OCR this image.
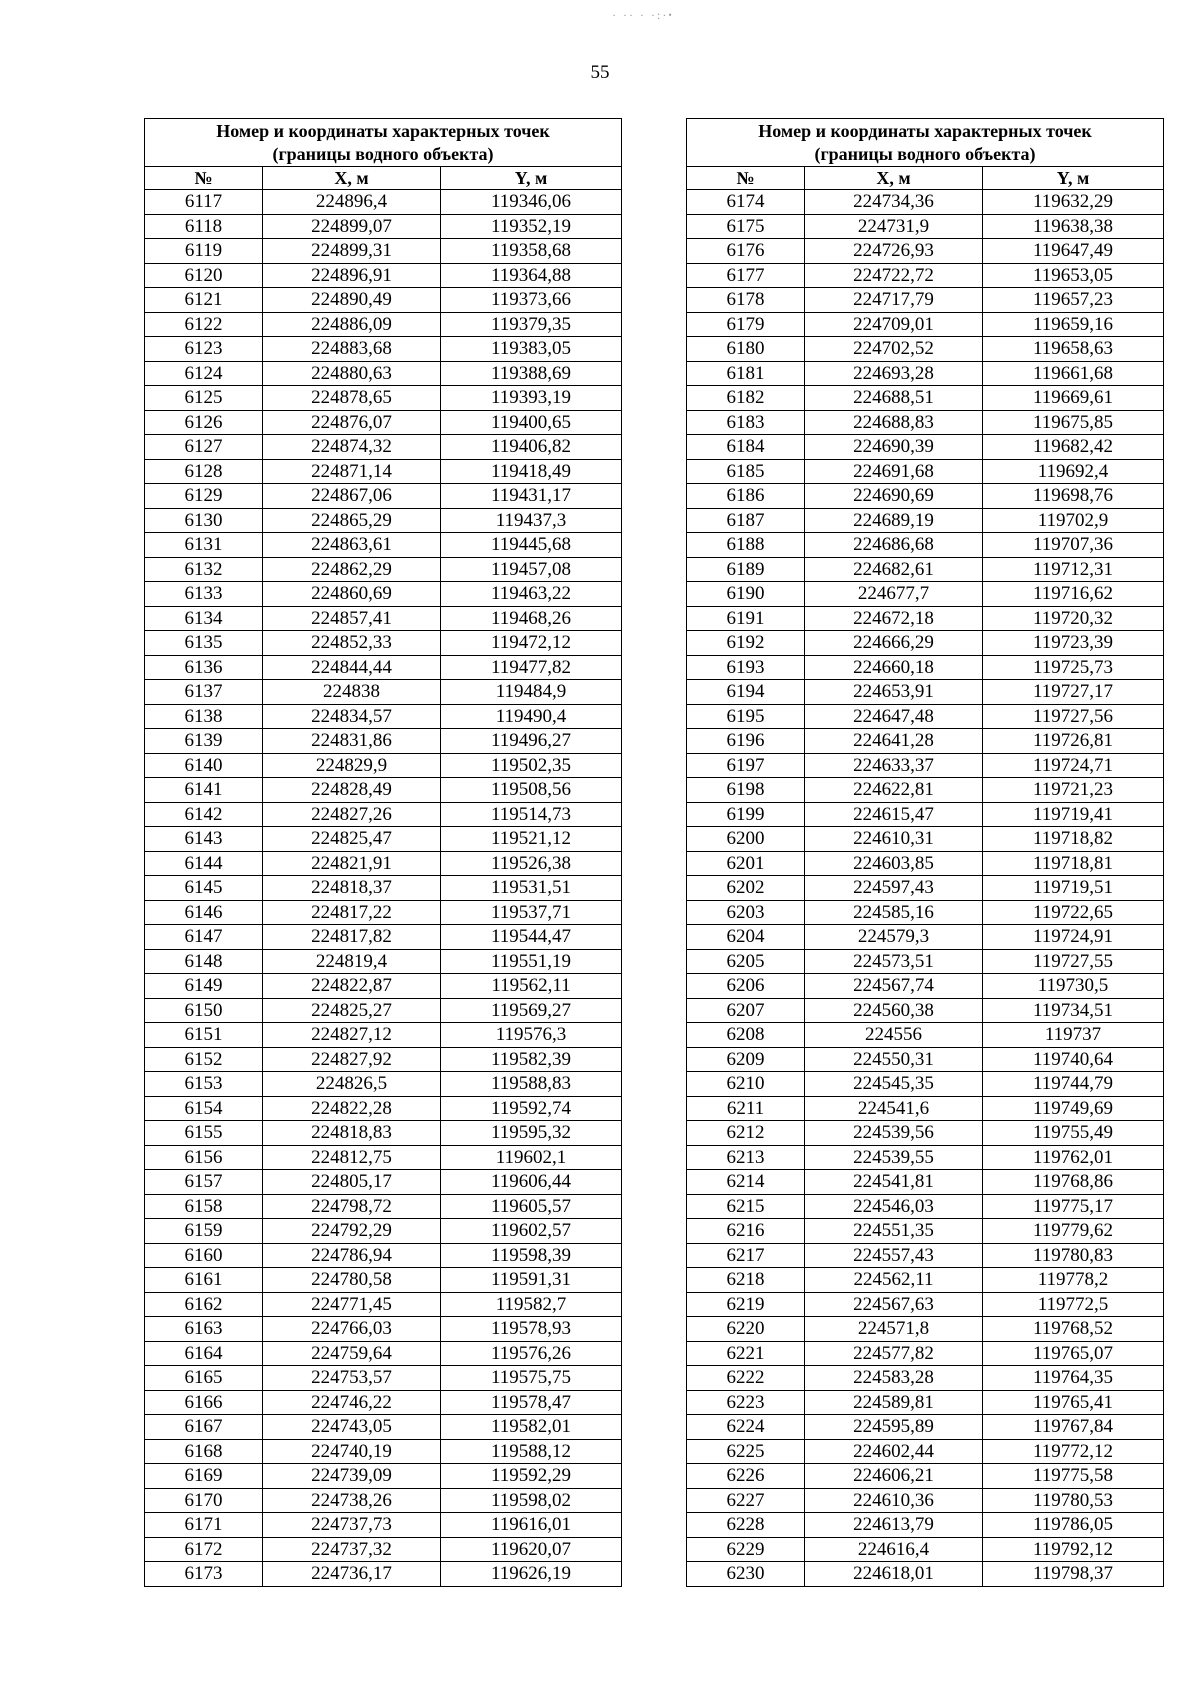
· ·· · ·:·ꞏ
55
Номер и координаты характерных точек
(границы водного объекта)		

№	X, м	Y, м
6117	224896,4	119346,06
6118	224899,07	119352,19
6119	224899,31	119358,68
6120	224896,91	119364,88
6121	224890,49	119373,66
6122	224886,09	119379,35
6123	224883,68	119383,05
6124	224880,63	119388,69
6125	224878,65	119393,19
6126	224876,07	119400,65
6127	224874,32	119406,82
6128	224871,14	119418,49
6129	224867,06	119431,17
6130	224865,29	119437,3
6131	224863,61	119445,68
6132	224862,29	119457,08
6133	224860,69	119463,22
6134	224857,41	119468,26
6135	224852,33	119472,12
6136	224844,44	119477,82
6137	224838	119484,9
6138	224834,57	119490,4
6139	224831,86	119496,27
6140	224829,9	119502,35
6141	224828,49	119508,56
6142	224827,26	119514,73
6143	224825,47	119521,12
6144	224821,91	119526,38
6145	224818,37	119531,51
6146	224817,22	119537,71
6147	224817,82	119544,47
6148	224819,4	119551,19
6149	224822,87	119562,11
6150	224825,27	119569,27
6151	224827,12	119576,3
6152	224827,92	119582,39
6153	224826,5	119588,83
6154	224822,28	119592,74
6155	224818,83	119595,32
6156	224812,75	119602,1
6157	224805,17	119606,44
6158	224798,72	119605,57
6159	224792,29	119602,57
6160	224786,94	119598,39
6161	224780,58	119591,31
6162	224771,45	119582,7
6163	224766,03	119578,93
6164	224759,64	119576,26
6165	224753,57	119575,75
6166	224746,22	119578,47
6167	224743,05	119582,01
6168	224740,19	119588,12
6169	224739,09	119592,29
6170	224738,26	119598,02
6171	224737,73	119616,01
6172	224737,32	119620,07
6173	224736,17	119626,19
Номер и координаты характерных точек
(границы водного объекта)		

№	X, м	Y, м
6174	224734,36	119632,29
6175	224731,9	119638,38
6176	224726,93	119647,49
6177	224722,72	119653,05
6178	224717,79	119657,23
6179	224709,01	119659,16
6180	224702,52	119658,63
6181	224693,28	119661,68
6182	224688,51	119669,61
6183	224688,83	119675,85
6184	224690,39	119682,42
6185	224691,68	119692,4
6186	224690,69	119698,76
6187	224689,19	119702,9
6188	224686,68	119707,36
6189	224682,61	119712,31
6190	224677,7	119716,62
6191	224672,18	119720,32
6192	224666,29	119723,39
6193	224660,18	119725,73
6194	224653,91	119727,17
6195	224647,48	119727,56
6196	224641,28	119726,81
6197	224633,37	119724,71
6198	224622,81	119721,23
6199	224615,47	119719,41
6200	224610,31	119718,82
6201	224603,85	119718,81
6202	224597,43	119719,51
6203	224585,16	119722,65
6204	224579,3	119724,91
6205	224573,51	119727,55
6206	224567,74	119730,5
6207	224560,38	119734,51
6208	224556	119737
6209	224550,31	119740,64
6210	224545,35	119744,79
6211	224541,6	119749,69
6212	224539,56	119755,49
6213	224539,55	119762,01
6214	224541,81	119768,86
6215	224546,03	119775,17
6216	224551,35	119779,62
6217	224557,43	119780,83
6218	224562,11	119778,2
6219	224567,63	119772,5
6220	224571,8	119768,52
6221	224577,82	119765,07
6222	224583,28	119764,35
6223	224589,81	119765,41
6224	224595,89	119767,84
6225	224602,44	119772,12
6226	224606,21	119775,58
6227	224610,36	119780,53
6228	224613,79	119786,05
6229	224616,4	119792,12
6230	224618,01	119798,37
